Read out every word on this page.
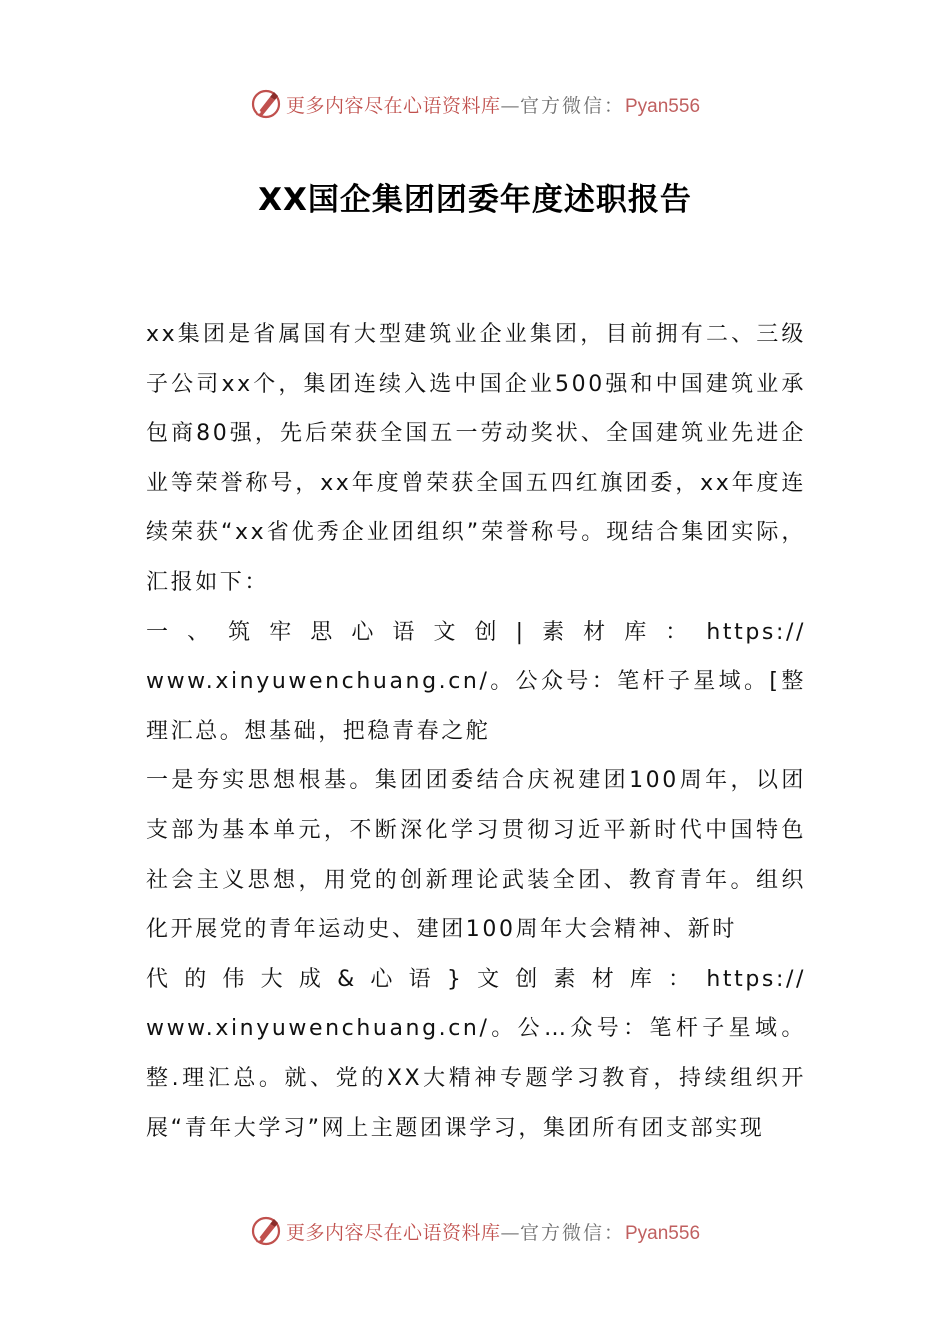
更多内容尽在心语资料库—官方微信：Pyan556
XX国企集团团委年度述职报告

xx集团是省属国有大型建筑业企业集团，目前拥有二、三级子公司xx个，集团连续入选中国企业500强和中国建筑业承包商80强，先后荣获全国五一劳动奖状、全国建筑业先进企业等荣誉称号，xx年度曾荣获全国五四红旗团委，xx年度连续荣获“xx省优秀企业团组织”荣誉称号。现结合集团实际，汇报如下：

一、筑牢思心语文创|素材库：https://

www.xinyuwenchuang.cn/。公众号：笔杆子星域。[整理汇总。想基础，把稳青春之舵

一是夯实思想根基。集团团委结合庆祝建团100周年，以团支部为基本单元，不断深化学习贯彻习近平新时代中国特色社会主义思想，用党的创新理论武装全团、教育青年。组织化开展党的青年运动史、建团100周年大会精神、新时

代的伟大成&心语}文创素材库：https://

www.xinyuwenchuang.cn/。公…众号：笔杆子星域。整.理汇总。就、党的XX大精神专题学习教育，持续组织开展“青年大学习”网上主题团课学习，集团所有团支部实现

更多内容尽在心语资料库—官方微信：Pyan556
